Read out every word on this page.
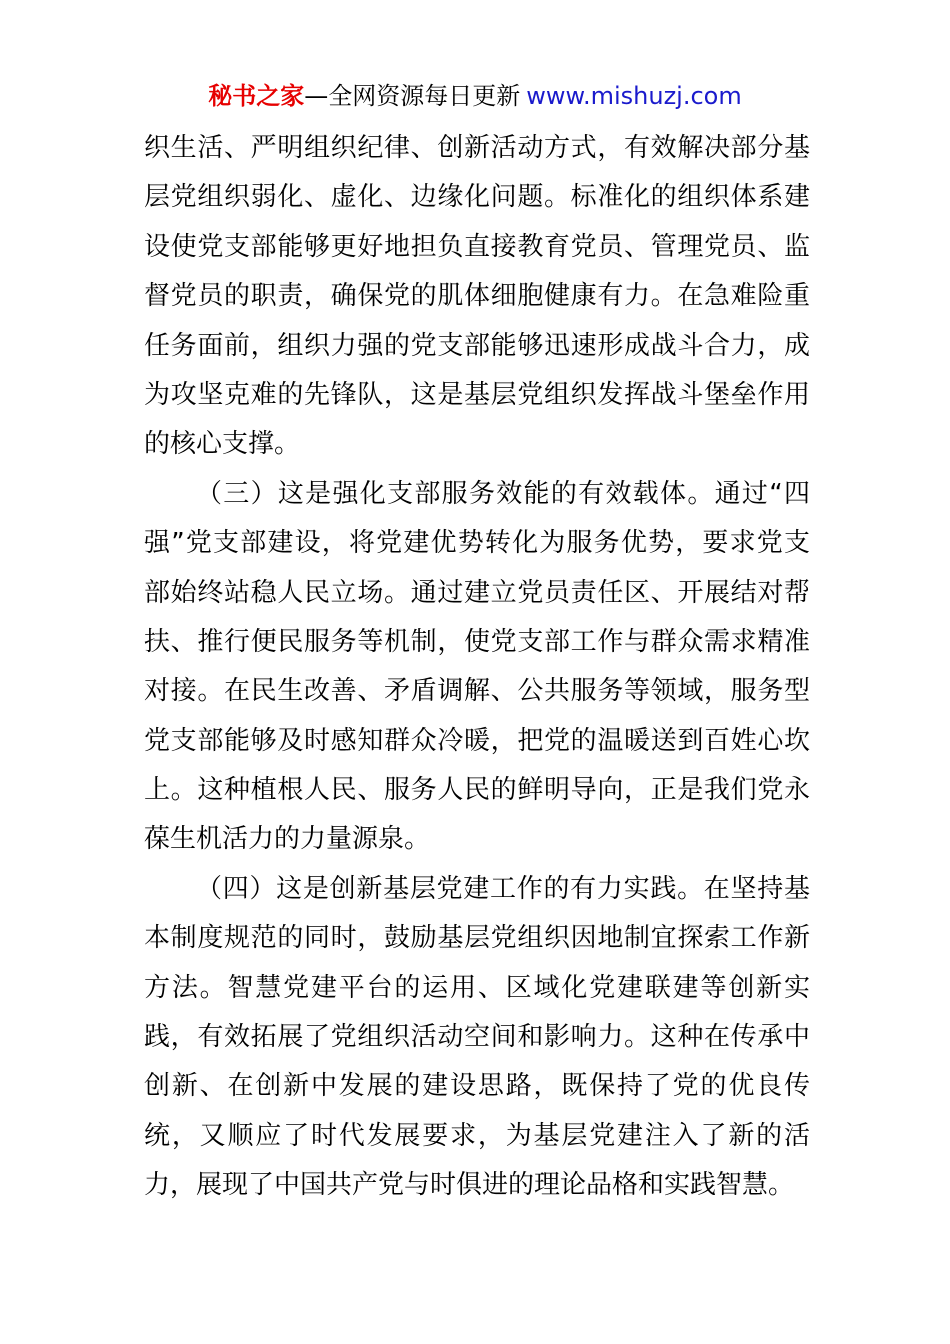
秘书之家—全网资源每日更新 www.mishuzj.com
织生活、严明组织纪律、创新活动方式，有效解决部分基
层党组织弱化、虚化、边缘化问题。标准化的组织体系建
设使党支部能够更好地担负直接教育党员、管理党员、监
督党员的职责，确保党的肌体细胞健康有力。在急难险重
任务面前，组织力强的党支部能够迅速形成战斗合力，成
为攻坚克难的先锋队，这是基层党组织发挥战斗堡垒作用
的核心支撑。
（三）这是强化支部服务效能的有效载体。通过“四
强”党支部建设，将党建优势转化为服务优势，要求党支
部始终站稳人民立场。通过建立党员责任区、开展结对帮
扶、推行便民服务等机制，使党支部工作与群众需求精准
对接。在民生改善、矛盾调解、公共服务等领域，服务型
党支部能够及时感知群众冷暖，把党的温暖送到百姓心坎
上。这种植根人民、服务人民的鲜明导向，正是我们党永
葆生机活力的力量源泉。
（四）这是创新基层党建工作的有力实践。在坚持基
本制度规范的同时，鼓励基层党组织因地制宜探索工作新
方法。智慧党建平台的运用、区域化党建联建等创新实
践，有效拓展了党组织活动空间和影响力。这种在传承中
创新、在创新中发展的建设思路，既保持了党的优良传
统，又顺应了时代发展要求，为基层党建注入了新的活
力，展现了中国共产党与时俱进的理论品格和实践智慧。
